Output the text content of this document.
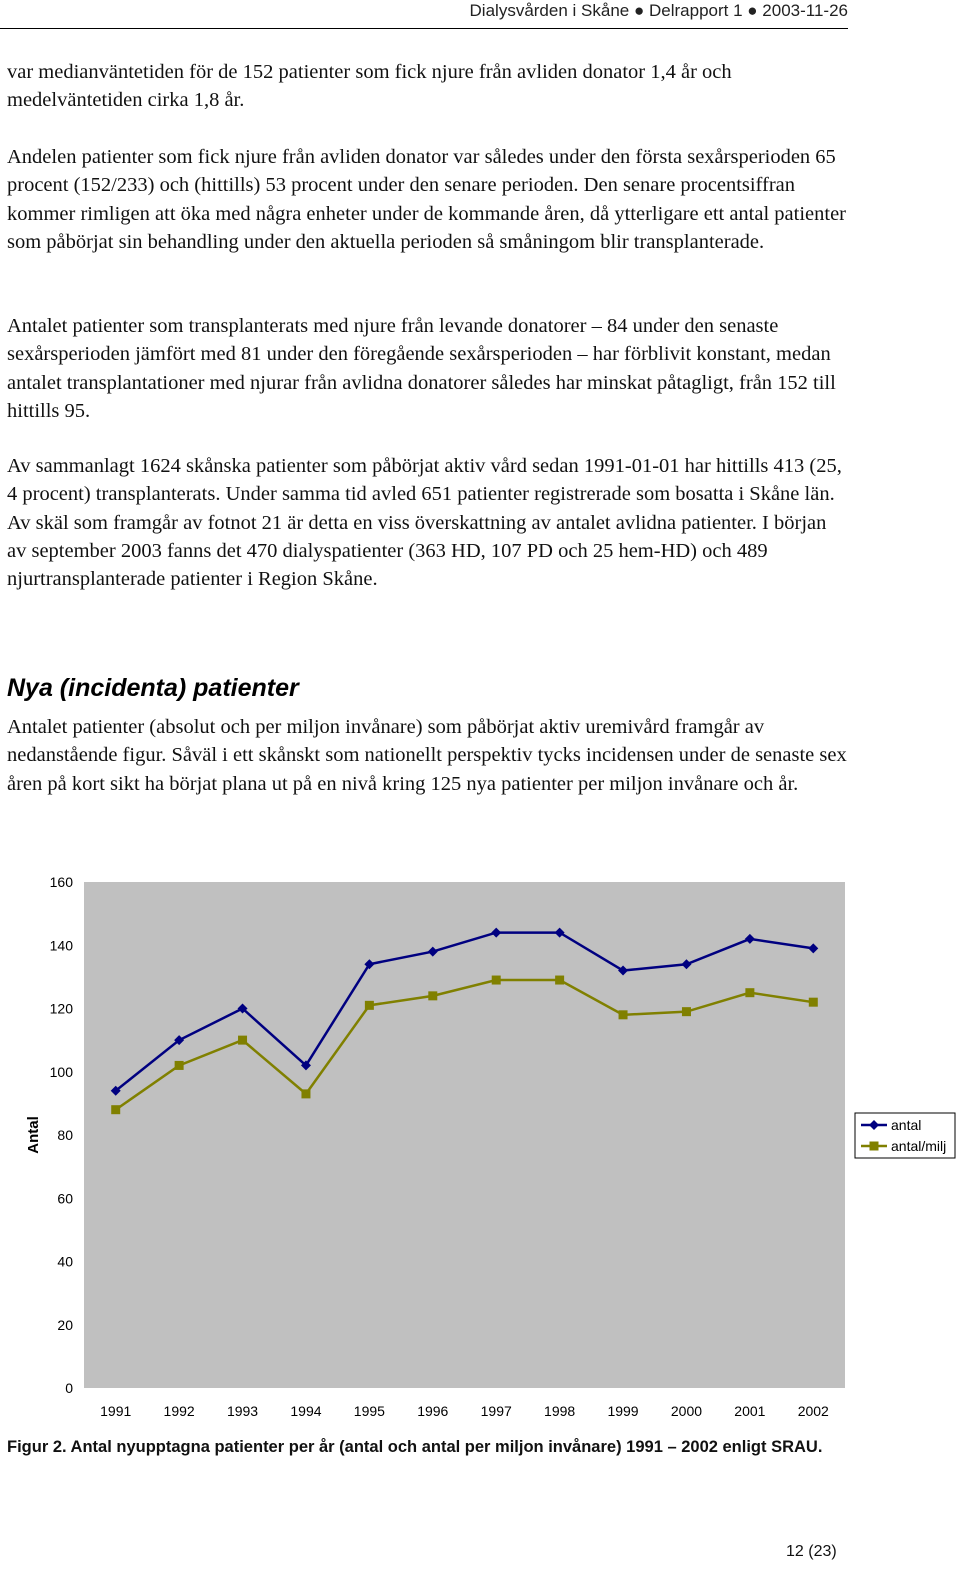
Dialysvården i Skåne ● Delrapport 1 ● 2003-11-26

var medianväntetiden för de 152 patienter som fick njure från avliden donator 1,4 år och medelväntetiden cirka 1,8 år.

Andelen patienter som fick njure från avliden donator var således under den första sexårsperioden 65 procent (152/233) och (hittills) 53 procent under den senare perioden. Den senare procentsiffran kommer rimligen att öka med några enheter under de kommande åren, då ytterligare ett antal patienter som påbörjat sin behandling under den aktuella perioden så småningom blir transplanterade.

Antalet patienter som transplanterats med njure från levande donatorer – 84 under den senaste sexårsperioden jämfört med 81 under den föregående sexårsperioden – har förblivit konstant, medan antalet transplantationer med njurar från avlidna donatorer således har minskat påtagligt, från 152 till hittills 95.

Av sammanlagt 1624 skånska patienter som påbörjat aktiv vård sedan 1991-01-01 har hittills 413 (25, 4 procent) transplanterats. Under samma tid avled 651 patienter registrerade som bosatta i Skåne län. Av skäl som framgår av fotnot 21 är detta en viss överskattning av antalet avlidna patienter. I början av september 2003 fanns det 470 dialyspatienter (363 HD, 107 PD och 25 hem-HD) och 489 njurtransplanterade patienter i Region Skåne.

Nya (incidenta) patienter

Antalet patienter (absolut och per miljon invånare) som påbörjat aktiv uremivård framgår av nedanstående figur. Såväl i ett skånskt som nationellt perspektiv tycks incidensen under de senaste sex åren på kort sikt ha börjat plana ut på en nivå kring 125 nya patienter per miljon invånare och år.

0
20
40
60
80
100
120
140
160
Antal
1991 1992 1993 1994 1995 1996 1997 1998 1999 2000 2001 2002
antal
antal/milj

Figur 2. Antal nyupptagna patienter per år (antal och antal per miljon invånare) 1991 – 2002 enligt SRAU.

12 (23)
